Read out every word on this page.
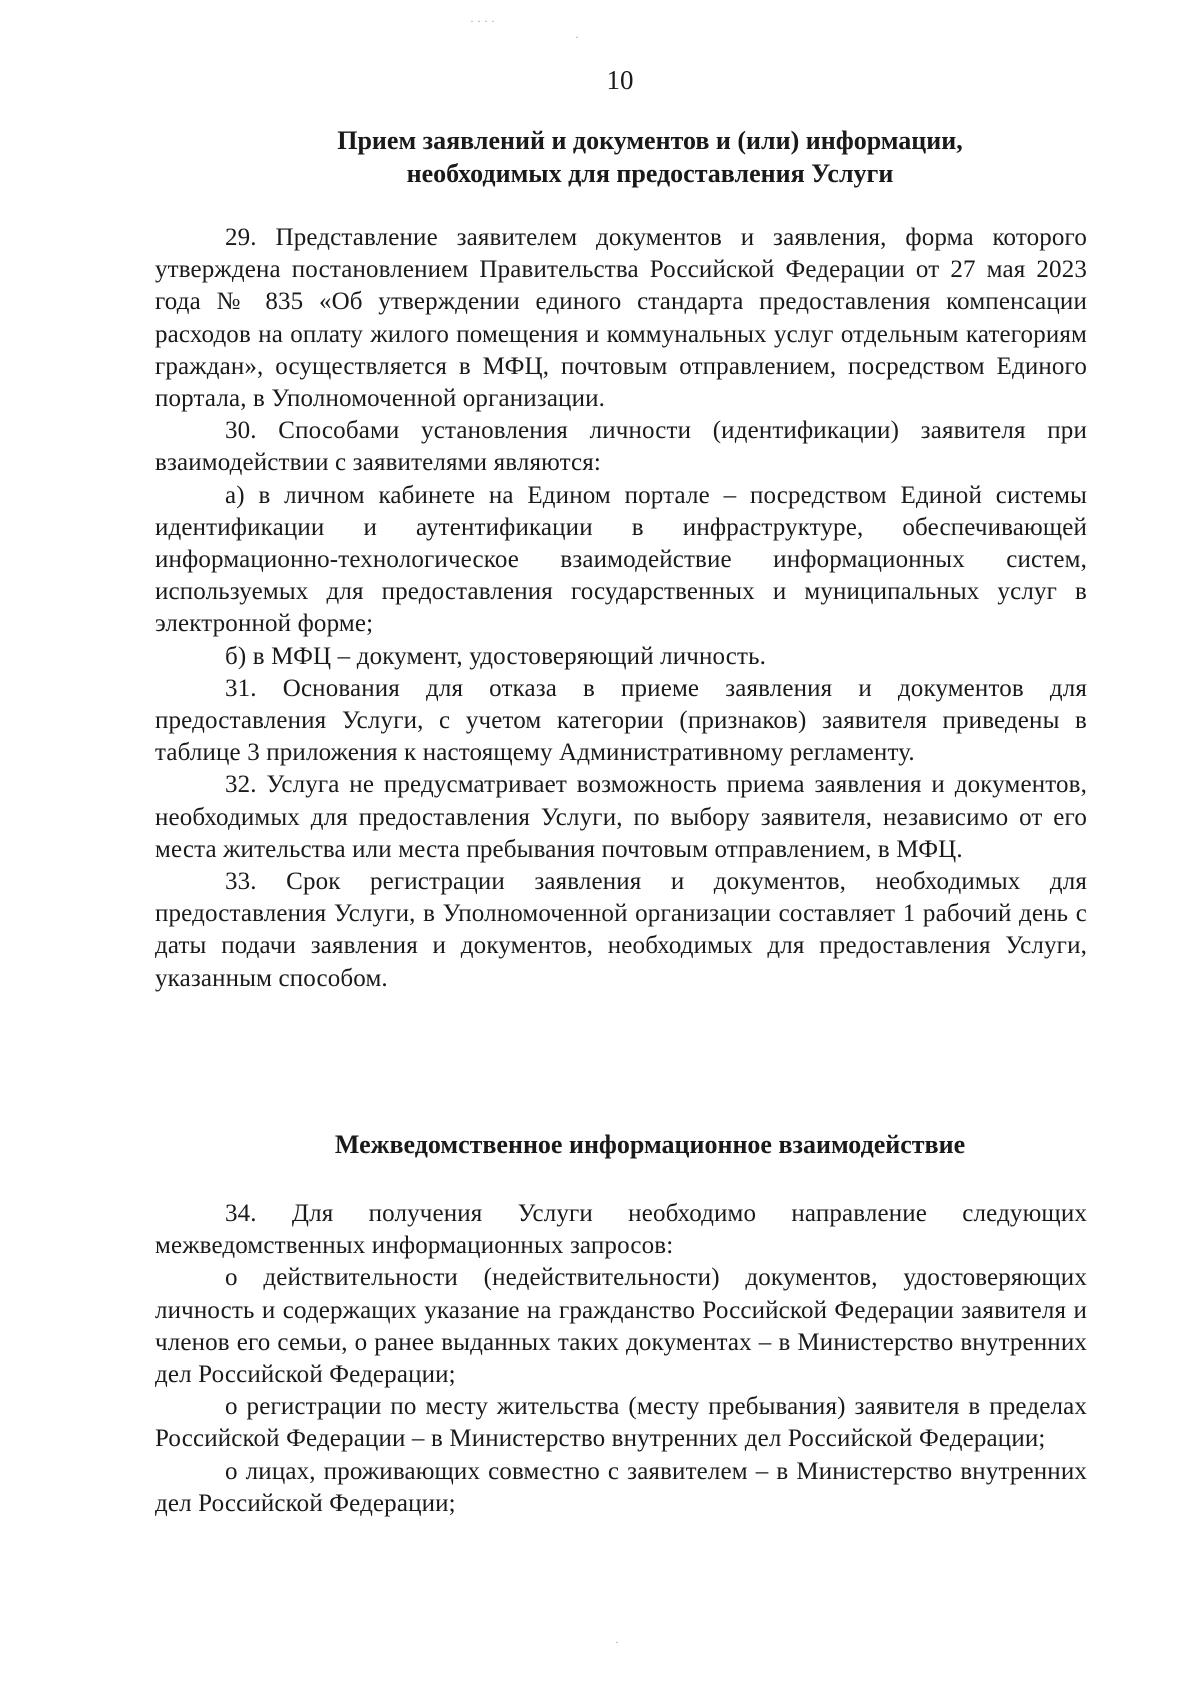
10
Прием заявлений и документов и (или) информации,
необходимых для предоставления Услуги

29. Представление заявителем документов и заявления, форма которого утверждена постановлением Правительства Российской Федерации от 27 мая 2023 года № 835 «Об утверждении единого стандарта предоставления компенсации расходов на оплату жилого помещения и коммунальных услуг отдельным категориям граждан», осуществляется в МФЦ, почтовым отправлением, посредством Единого портала, в Уполномоченной организации.

30. Способами установления личности (идентификации) заявителя при взаимодействии с заявителями являются:

а) в личном кабинете на Едином портале – посредством Единой системы идентификации и аутентификации в инфраструктуре, обеспечивающей информационно-технологическое взаимодействие информационных систем, используемых для предоставления государственных и муниципальных услуг в электронной форме;

б) в МФЦ – документ, удостоверяющий личность.

31. Основания для отказа в приеме заявления и документов для предоставления Услуги, с учетом категории (признаков) заявителя приведены в таблице 3 приложения к настоящему Административному регламенту.

32. Услуга не предусматривает возможность приема заявления и документов, необходимых для предоставления Услуги, по выбору заявителя, независимо от его места жительства или места пребывания почтовым отправлением, в МФЦ.

33. Срок регистрации заявления и документов, необходимых для предоставления Услуги, в Уполномоченной организации составляет 1 рабочий день с даты подачи заявления и документов, необходимых для предоставления Услуги, указанным способом.

Межведомственное информационное взаимодействие

34. Для получения Услуги необходимо направление следующих межведомственных информационных запросов:

о действительности (недействительности) документов, удостоверяющих личность и содержащих указание на гражданство Российской Федерации заявителя и членов его семьи, о ранее выданных таких документах – в Министерство внутренних дел Российской Федерации;

о регистрации по месту жительства (месту пребывания) заявителя в пределах Российской Федерации – в Министерство внутренних дел Российской Федерации;

о лицах, проживающих совместно с заявителем – в Министерство внутренних дел Российской Федерации;

· · · ·
·
·
